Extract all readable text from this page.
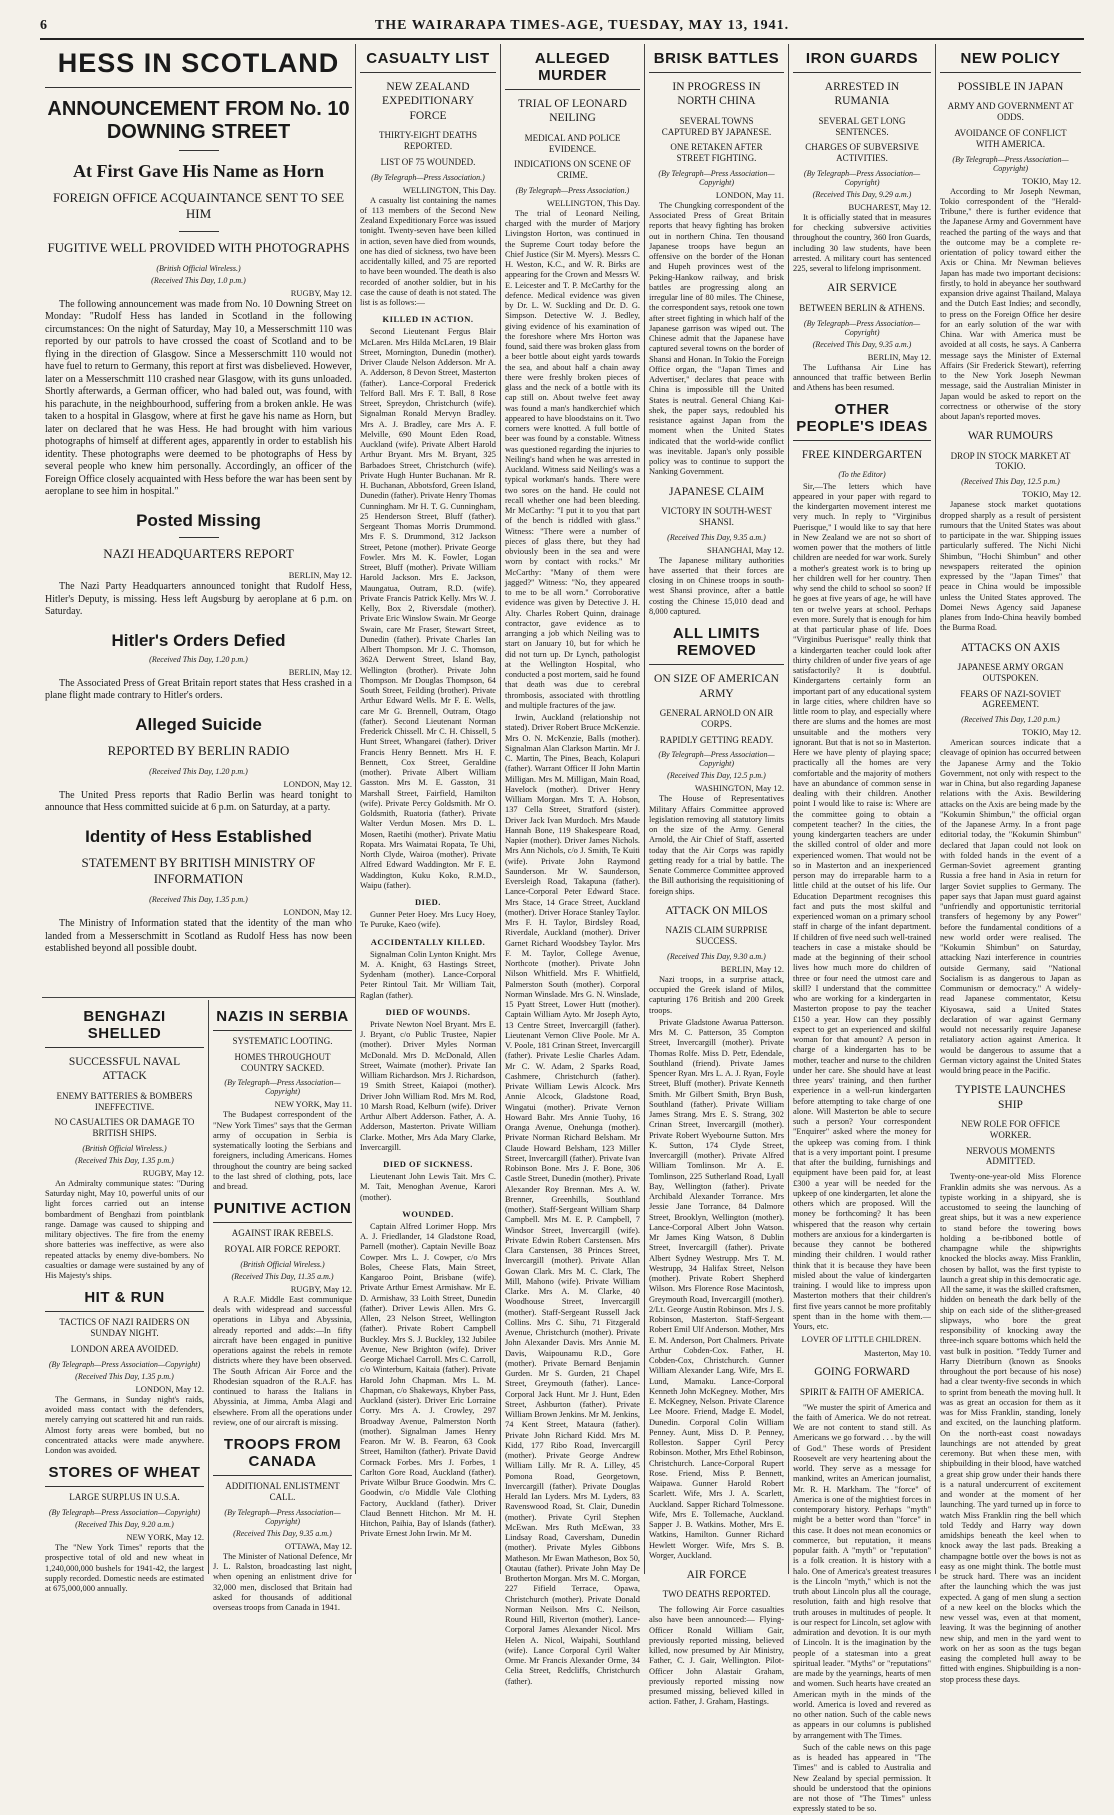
6	THE WAIRARAPA TIMES-AGE, TUESDAY, MAY 13, 1941.
HESS IN SCOTLAND
ANNOUNCEMENT FROM No. 10 DOWNING STREET
At First Gave His Name as Horn
FOREIGN OFFICE ACQUAINTANCE SENT TO SEE HIM
FUGITIVE WELL PROVIDED WITH PHOTOGRAPHS
(British Official Wireless.)
(Received This Day, 1.0 p.m.)
RUGBY, May 12.

The following announcement was made from No. 10 Downing Street on Monday: "Rudolf Hess has landed in Scotland in the following circumstances: On the night of Saturday, May 10, a Messerschmitt 110 was reported by our patrols to have crossed the coast of Scotland and to be flying in the direction of Glasgow. Since a Messerschmitt 110 would not have fuel to return to Germany, this report at first was disbelieved. However, later on a Messerschmitt 110 crashed near Glasgow, with its guns unloaded. Shortly afterwards, a German officer, who had baled out, was found, with his parachute, in the neighbourhood, suffering from a broken ankle. He was taken to a hospital in Glasgow, where at first he gave his name as Horn, but later on declared that he was Hess. He had brought with him various photographs of himself at different ages, apparently in order to establish his identity. These photographs were deemed to be photographs of Hess by several people who knew him personally. Accordingly, an officer of the Foreign Office closely acquainted with Hess before the war has been sent by aeroplane to see him in hospital."

Posted Missing
NAZI HEADQUARTERS REPORT
BERLIN, May 12.

The Nazi Party Headquarters announced tonight that Rudolf Hess, Hitler's Deputy, is missing. Hess left Augsburg by aeroplane at 6 p.m. on Saturday.

Hitler's Orders Defied
(Received This Day, 1.20 p.m.)
BERLIN, May 12.

The Associated Press of Great Britain report states that Hess crashed in a plane flight made contrary to Hitler's orders.

Alleged Suicide
REPORTED BY BERLIN RADIO
(Received This Day, 1.20 p.m.)
LONDON, May 12.

The United Press reports that Radio Berlin was heard tonight to announce that Hess committed suicide at 6 p.m. on Saturday, at a party.

Identity of Hess Established
STATEMENT BY BRITISH MINISTRY OF INFORMATION
(Received This Day, 1.35 p.m.)
LONDON, May 12.

The Ministry of Information stated that the identity of the man who landed from a Messerschmitt in Scotland as Rudolf Hess has now been established beyond all possible doubt.

BENGHAZI SHELLED
SUCCESSFUL NAVAL ATTACK
ENEMY BATTERIES & BOMBERS INEFFECTIVE.
NO CASUALTIES OR DAMAGE TO BRITISH SHIPS.
(British Official Wireless.)
(Received This Day, 1.35 p.m.)
RUGBY, May 12.

An Admiralty communique states: "During Saturday night, May 10, powerful units of our light forces carried out an intense bombardment of Benghazi from pointblank range. Damage was caused to shipping and military objectives. The fire from the enemy shore batteries was ineffective, as were also repeated attacks by enemy dive-bombers. No casualties or damage were sustained by any of His Majesty's ships.

HIT & RUN
TACTICS OF NAZI RAIDERS ON SUNDAY NIGHT.
LONDON AREA AVOIDED.
(By Telegraph—Press Association—Copyright)
(Received This Day, 1.35 p.m.)
LONDON, May 12.

The Germans, in Sunday night's raids, avoided mass contact with the defenders, merely carrying out scattered hit and run raids. Almost forty areas were bombed, but no concentrated attacks were made anywhere. London was avoided.

STORES OF WHEAT
LARGE SURPLUS IN U.S.A.
(By Telegraph—Press Association—Copyright)
(Received This Day, 9.20 a.m.)
NEW YORK, May 12.

The "New York Times" reports that the prospective total of old and new wheat in 1,240,000,000 bushels for 1941-42, the largest supply recorded. Domestic needs are estimated at 675,000,000 annually.

NAZIS IN SERBIA
SYSTEMATIC LOOTING.
HOMES THROUGHOUT COUNTRY SACKED.
(By Telegraph—Press Association—Copyright)
NEW YORK, May 11.

The Budapest correspondent of the "New York Times" says that the German army of occupation in Serbia is systematically looting the Serbians and foreigners, including Americans. Homes throughout the country are being sacked to the last shred of clothing, pots, lace and bread.

PUNITIVE ACTION
AGAINST IRAK REBELS.
ROYAL AIR FORCE REPORT.
(British Official Wireless.)
(Received This Day, 11.35 a.m.)
RUGBY, May 12.

A R.A.F. Middle East communique deals with widespread and successful operations in Libya and Abyssinia, already reported and adds:—In fifty aircraft have been engaged in punitive operations against the rebels in remote districts where they have been observed. The South African Air Force and the Rhodesian squadron of the R.A.F. has continued to harass the Italians in Abyssinia, at Jimma, Amba Alagi and elsewhere. From all the operations under review, one of our aircraft is missing.

TROOPS FROM CANADA
ADDITIONAL ENLISTMENT CALL.
(By Telegraph—Press Association—Copyright)
(Received This Day, 9.35 a.m.)
OTTAWA, May 12.

The Minister of National Defence, Mr J. L. Ralston, broadcasting last night, when opening an enlistment drive for 32,000 men, disclosed that Britain had asked for thousands of additional overseas troops from Canada in 1941.

CASUALTY LIST
NEW ZEALAND EXPEDITIONARY FORCE
THIRTY-EIGHT DEATHS REPORTED.
LIST OF 75 WOUNDED.
(By Telegraph—Press Association.)
WELLINGTON, This Day.

A casualty list containing the names of 113 members of the Second New Zealand Expeditionary Force was issued tonight. Twenty-seven have been killed in action, seven have died from wounds, one has died of sickness, two have been accidentally killed, and 75 are reported to have been wounded. The death is also recorded of another soldier, but in his case the cause of death is not stated. The list is as follows:—

KILLED IN ACTION.

Second Lieutenant Fergus Blair McLaren. Mrs Hilda McLaren, 19 Blair Street, Mornington, Dunedin (mother). Driver Claude Nelson Adderson. Mr A. A. Adderson, 8 Devon Street, Masterton (father). Lance-Corporal Frederick Telford Ball. Mrs F. T. Ball, 8 Rose Street, Spreydon, Christchurch (wife). Signalman Ronald Mervyn Bradley. Mrs A. J. Bradley, care Mrs A. F. Melville, 690 Mount Eden Road, Auckland (wife). Private Albert Harold Arthur Bryant. Mrs M. Bryant, 325 Barbadoes Street, Christchurch (wife). Private Hugh Hunter Buchanan. Mr R. H. Buchanan, Abbotsford, Green Island, Dunedin (father). Private Henry Thomas Cunningham. Mr H. T. G. Cunningham, 25 Henderson Street, Bluff (father). Sergeant Thomas Morris Drummond. Mrs F. S. Drummond, 312 Jackson Street, Petone (mother). Private George Fowler. Mrs M. K. Fowler, Logan Street, Bluff (mother). Private William Harold Jackson. Mrs E. Jackson, Maungatua, Outram, R.D. (wife). Private Francis Patrick Kelly. Mrs W. J. Kelly, Box 2, Riversdale (mother). Private Eric Winslow Swain. Mr George Swain, care Mr Fraser, Stewart Street, Dunedin (father). Private Charles Ian Albert Thompson. Mr J. C. Thomson, 362A Derwent Street, Island Bay, Wellington (brother). Private John Thompson. Mr Douglas Thompson, 64 South Street, Feilding (brother). Private Arthur Edward Wells. Mr F. E. Wells, care Mr G. Brennell, Outram, Otago (father). Second Lieutenant Norman Frederick Chissell. Mr C. H. Chissell, 5 Hunt Street, Whangarei (father). Driver Francis Henry Bennett. Mrs H. F. Bennett, Cox Street, Geraldine (mother). Private Albert William Gasston. Mrs M. E. Gasston, 31 Marshall Street, Fairfield, Hamilton (wife). Private Percy Goldsmith. Mr O. Goldsmith, Ruatoria (father). Private Walter Verdun Mosen. Mrs D. L. Mosen, Raetihi (mother). Private Matiu Ropata. Mrs Waimatai Ropata, Te Uhi, North Clyde, Wairoa (mother). Private Alfred Edward Waddington. Mr F. E. Waddington, Kuku Koko, R.M.D., Waipu (father).

DIED.

Gunner Peter Hoey. Mrs Lucy Hoey, Te Puruke, Kaeo (wife).

ACCIDENTALLY KILLED.

Signalman Colin Lynton Knight. Mrs M. A. Knight, 63 Hastings Street, Sydenham (mother). Lance-Corporal Peter Rintoul Tait. Mr William Tait, Raglan (father).

DIED OF WOUNDS.

Private Newton Noel Bryant. Mrs E. J. Bryant, c/o Public Trustee, Napier (mother). Driver Myles Norman McDonald. Mrs D. McDonald, Allen Street, Waimate (mother). Private Ian William Richardson. Mrs J. Richardson, 19 Smith Street, Kaiapoi (mother). Driver John William Rod. Mrs M. Rod, 10 Marsh Road, Kelburn (wife). Driver Arthur Albert Adderson. Father, A. A. Adderson, Masterton. Private William Clarke. Mother, Mrs Ada Mary Clarke, Invercargill.

DIED OF SICKNESS.

Lieutenant John Lewis Tait. Mrs C. M. Tait, Menoghan Avenue, Karori (mother).

WOUNDED.

Captain Alfred Lorimer Hopp. Mrs A. J. Friedlander, 14 Gladstone Road, Parnell (mother). Captain Neville Boaz Cowper. Mrs L. J. Cowper, c/o Mrs Boles, Cheese Flats, Main Street, Kangaroo Point, Brisbane (wife). Private Arthur Ernest Armishaw. Mr E. D. Armishaw, 33 Loith Street, Dunedin (father). Driver Lewis Allen. Mrs G. Allen, 23 Nelson Street, Wellington (father). Private Robert Campbell Buckley. Mrs S. J. Buckley, 132 Jubilee Avenue, New Brighton (wife). Driver George Michael Carroll. Mrs C. Carroll, c/o Winterburn, Kaitaia (father). Private Harold John Chapman. Mrs L. M. Chapman, c/o Shakeways, Khyber Pass, Auckland (sister). Driver Eric Lorraine Corry. Mrs A. J. Crowley, 297 Broadway Avenue, Palmerston North (mother). Signalman James Henry Fearon. Mr W. B. Fearon, 63 Cook Street, Hamilton (father). Private David Cormack Forbes. Mrs J. Forbes, 1 Carlton Gore Road, Auckland (father). Private Wilbur Bruce Goodwin. Mrs C. Goodwin, c/o Middle Vale Clothing Factory, Auckland (father). Driver Claud Bennett Hitchon. Mr M. H. Hitchon, Paihia, Bay of Islands (father). Private Ernest John Irwin. Mr M.

ALLEGED MURDER
TRIAL OF LEONARD NEILING
MEDICAL AND POLICE EVIDENCE.
INDICATIONS ON SCENE OF CRIME.
(By Telegraph—Press Association.)
WELLINGTON, This Day.

The trial of Leonard Neiling, charged with the murder of Marjory Livingston Horton, was continued in the Supreme Court today before the Chief Justice (Sir M. Myers). Messrs C. H. Weston, K.C., and W. R. Birks are appearing for the Crown and Messrs W. E. Leicester and T. P. McCarthy for the defence. Medical evidence was given by Dr. L. W. Suckling and Dr. D. G. Simpson. Detective W. J. Bedley, giving evidence of his examination of the foreshore where Mrs Horton was found, said there was broken glass from a beer bottle about eight yards towards the sea, and about half a chain away there were freshly broken pieces of glass and the neck of a bottle with its cap still on. About twelve feet away was found a man's handkerchief which appeared to have bloodstains on it. Two corners were knotted. A full bottle of beer was found by a constable. Witness was questioned regarding the injuries to Neiling's hand when he was arrested in Auckland. Witness said Neiling's was a typical workman's hands. There were two sores on the hand. He could not recall whether one had been bleeding. Mr McCarthy: "I put it to you that part of the bench is riddled with glass." Witness: "There were a number of pieces of glass there, but they had obviously been in the sea and were worn by contact with rocks." Mr McCarthy: "Many of them were jagged?" Witness: "No, they appeared to me to be all worn." Corroborative evidence was given by Detective J. H. Alty. Charles Robert Quinn, drainage contractor, gave evidence as to arranging a job which Neiling was to start on January 10, but for which he did not turn up. Dr Lynch, pathologist at the Wellington Hospital, who conducted a post mortem, said he found that death was due to cerebral thrombosis, associated with throttling and multiple fractures of the jaw.

Irwin, Auckland (relationship not stated). Driver Robert Bruce McKenzie. Mrs O. N. McKenzie, Balls (mother). Signalman Alan Clarkson Martin. Mr J. C. Martin, The Pines, Beach, Kolapuri (father). Warrant Officer II John Martin Milligan. Mrs M. Milligan, Main Road, Havelock (mother). Driver Henry William Morgan. Mrs T. A. Hobson, 137 Cella Street, Stratford (sister). Driver Jack Ivan Murdoch. Mrs Maude Hannah Bone, 119 Shakespeare Road, Napier (mother). Driver James Nichols. Mrs Ann Nichols, c/o J. Smith, Te Kuiti (wife). Private John Raymond Saunderson. Mr W. Saunderson, Eversleigh Road, Takapuna (father). Lance-Corporal Peter Edward Stace. Mrs Stace, 14 Grace Street, Auckland (mother). Driver Horace Stanley Taylor. Mrs F. H. Taylor, Birdsley Road, Riverdale, Auckland (mother). Driver Garnet Richard Woodsbey Taylor. Mrs F. M. Taylor, College Avenue, Northcote (mother). Private John Nilson Whitfield. Mrs F. Whitfield, Palmerston South (mother). Corporal Norman Winslade. Mrs G. N. Winslade, 15 Pyatt Street, Lower Hutt (mother). Captain William Ayto. Mr Joseph Ayto, 13 Centre Street, Invercargill (father). Lieutenant Vernon Clive Poole. Mr A. V. Poole, 181 Crinan Street, Invercargill (father). Private Leslie Charles Adam. Mr C. W. Adam, 2 Sparks Road, Cashmere, Christchurch (father). Private William Lewis Alcock. Mrs Annie Alcock, Gladstone Road, Wingatui (mother). Private Vernon Howard Bahr. Mrs Annie Tuohy, 16 Oranga Avenue, Onehunga (mother). Private Norman Richard Belsham. Mr Claude Howard Belsham, 123 Miller Street, Invercargill (father). Private Ivan Robinson Bone. Mrs J. F. Bone, 306 Castle Street, Dunedin (mother). Private Alexander Roy Brennan. Mrs A. W. Brenner, Greenhills, Southland (mother). Staff-Sergeant William Sharp Campbell. Mrs M. E. P. Campbell, 7 Windsor Street, Invercargill (wife). Private Edwin Robert Carstensen. Mrs Clara Carstensen, 38 Princes Street, Invercargill (mother). Private Allan Gowan Clark. Mrs M. C. Clark, The Mill, Mahono (wife). Private William Clarke. Mrs A. M. Clarke, 40 Woodhouse Street, Invercargill (mother). Staff-Sergeant Russell Jack Collins. Mrs C. Sihu, 71 Fitzgerald Avenue, Christchurch (mother). Private John Alexander Davis. Mrs Annie M. Davis, Waipounamu R.D., Gore (mother). Private Bernard Benjamin Gurden. Mr S. Gurden, 21 Chapel Street, Greymouth (father). Lance-Corporal Jack Hunt. Mr J. Hunt, Eden Street, Ashburton (father). Private William Brown Jenkins. Mr M. Jenkins, 74 Kent Street, Mataura (father). Private John Richard Kidd. Mrs M. Kidd, 177 Ribo Road, Invercargill (mother). Private George Andrew William Lilly. Mr R. A. Lilley, 45 Pomona Road, Georgetown, Invercargill (father). Private Douglas Herald Ian Lyders. Mrs M. Lyders, 83 Ravenswood Road, St. Clair, Dunedin (mother). Private Cyril Stephen McEwan. Mrs Ruth McEwan, 33 Lindsay Road, Caversham, Dunedin (mother). Private Myles Gibbons Matheson. Mr Ewan Matheson, Box 50, Otautau (father). Private John May De Brotherton Morgan. Mrs M. C. Morgan, 227 Fifield Terrace, Opawa, Christchurch (mother). Private Donald Norman Neilson. Mrs C. Neilson, Round Hill, Riverton (mother). Lance-Corporal James Alexander Nicol. Mrs Helen A. Nicol, Waipahi, Southland (wife). Lance Corporal Cyril Walter Orme. Mr Francis Alexander Orme, 34 Celia Street, Redcliffs, Christchurch (father).

BRISK BATTLES
IN PROGRESS IN NORTH CHINA
SEVERAL TOWNS CAPTURED BY JAPANESE.
ONE RETAKEN AFTER STREET FIGHTING.
(By Telegraph—Press Association—Copyright)
LONDON, May 11.

The Chungking correspondent of the Associated Press of Great Britain reports that heavy fighting has broken out in northern China. Ten thousand Japanese troops have begun an offensive on the border of the Honan and Hupeh provinces west of the Peking-Hankow railway, and brisk battles are progressing along an irregular line of 80 miles. The Chinese, the correspondent says, retook one town after street fighting in which half of the Japanese garrison was wiped out. The Chinese admit that the Japanese have captured several towns on the border of Shansi and Honan. In Tokio the Foreign Office organ, the "Japan Times and Advertiser," declares that peace with China is impossible till the United States is neutral. General Chiang Kai-shek, the paper says, redoubled his resistance against Japan from the moment when the United States indicated that the world-wide conflict was inevitable. Japan's only possible policy was to continue to support the Nanking Government.

JAPANESE CLAIM
VICTORY IN SOUTH-WEST SHANSI.
(Received This Day, 9.35 a.m.)
SHANGHAI, May 12.

The Japanese military authorities have asserted that their forces are closing in on Chinese troops in south-west Shansi province, after a battle costing the Chinese 15,010 dead and 8,000 captured.

ALL LIMITS REMOVED
ON SIZE OF AMERICAN ARMY
GENERAL ARNOLD ON AIR CORPS.
RAPIDLY GETTING READY.
(By Telegraph—Press Association—Copyright)
(Received This Day, 12.5 p.m.)
WASHINGTON, May 12.

The House of Representatives Military Affairs Committee approved legislation removing all statutory limits on the size of the Army. General Arnold, the Air Chief of Staff, asserted today that the Air Corps was rapidly getting ready for a trial by battle. The Senate Commerce Committee approved the Bill authorising the requisitioning of foreign ships.

ATTACK ON MILOS
NAZIS CLAIM SURPRISE SUCCESS.
(Received This Day, 9.30 a.m.)
BERLIN, May 12.

Nazi troops, in a surprise attack, occupied the Greek island of Milos, capturing 176 British and 200 Greek troops.

Private Gladstone Awarua Patterson. Mrs M. C. Patterson, 35 Compton Street, Invercargill (mother). Private Thomas Rolfe. Miss D. Petr, Edendale, Southland (friend). Private James Spencer Ryan. Mrs L. A. J. Ryan, Foyle Street, Bluff (mother). Private Kenneth Smith. Mr Gilbert Smith, Bryn Bush, Southland (father). Private William James Strang. Mrs E. S. Strang, 302 Crinan Street, Invercargill (mother). Private Robert Wyebourne Sutton. Mrs K. Sutton, 174 Clyde Street, Invercargill (mother). Private Alfred William Tomlinson. Mr A. E. Tomlinson, 225 Sutherland Road, Lyall Bay, Wellington (father). Private Archibald Alexander Torrance. Mrs Jessie Jane Torrance, 84 Dalmore Street, Brooklyn, Wellington (mother). Lance-Corporal Albert John Watson. Mr James King Watson, 8 Dublin Street, Invercargill (father). Private Albert Sydney Westrupp. Mrs T. M. Westrupp, 34 Halifax Street, Nelson (mother). Private Robert Shepherd Wilson. Mrs Florence Rose Macintosh, Greymouth Road, Invercargill (mother). 2/Lt. George Austin Robinson. Mrs J. S. Robinson, Masterton. Staff-Sergeant Robert Emil Ulf Anderson. Mother, Mrs E. M. Anderson, Port Chalmers. Private Arthur Cobden-Cox. Father, H. Cobden-Cox, Christchurch. Gunner William Alexander Lang. Wife, Mrs E. Lund, Mamaku. Lance-Corporal Kenneth John McKegney. Mother, Mrs E. McKegney, Nelson. Private Clarence Lee Moore. Friend, Madge E. Model, Dunedin. Corporal Colin William Penney. Aunt, Miss D. P. Penney, Rolleston. Sapper Cyril Percy Robinson. Mother, Mrs Ethel Robinson, Christchurch. Lance-Corporal Rupert Rose. Friend, Miss P. Bennett, Waipawa. Gunner Harold Robert Scarlett. Wife, Mrs J. A. Scarlett, Auckland. Sapper Richard Tolmessone. Wife, Mrs E. Tollemache, Auckland. Sapper J. B. Watkins. Mother, Mrs E. Watkins, Hamilton. Gunner Richard Hewlett Worger. Wife, Mrs S. B. Worger, Auckland.

AIR FORCE
TWO DEATHS REPORTED.

The following Air Force casualties also have been announced:— Flying-Officer Ronald William Gair, previously reported missing, believed killed, now presumed by Air Ministry, Father, C. J. Gair, Wellington. Pilot-Officer John Alastair Graham, previously reported missing now presumed missing, believed killed in action. Father, J. Graham, Hastings.

IRON GUARDS
ARRESTED IN RUMANIA
SEVERAL GET LONG SENTENCES.
CHARGES OF SUBVERSIVE ACTIVITIES.
(By Telegraph—Press Association—Copyright)
(Received This Day, 9.29 a.m.)
BUCHAREST, May 12.

It is officially stated that in measures for checking subversive activities throughout the country, 360 Iron Guards, including 30 law students, have been arrested. A military court has sentenced 225, several to lifelong imprisonment.

AIR SERVICE
BETWEEN BERLIN & ATHENS.
(By Telegraph—Press Association—Copyright)
(Received This Day, 9.35 a.m.)
BERLIN, May 12.

The Lufthansa Air Line has announced that traffic between Berlin and Athens has been resumed.

OTHER PEOPLE'S IDEAS
FREE KINDERGARTEN
(To the Editor)

Sir,—The letters which have appeared in your paper with regard to the kindergarten movement interest me very much. In reply to "Virginibus Puerisque," I would like to say that here in New Zealand we are not so short of women power that the mothers of little children are needed for war work. Surely a mother's greatest work is to bring up her children well for her country. Then why send the child to school so soon? If he goes at five years of age, he will have ten or twelve years at school. Perhaps even more. Surely that is enough for him at that particular phase of life. Does "Virginibus Puerisque" really think that a kindergarten teacher could look after thirty children of under five years of age satisfactorily? It is doubtful. Kindergartens certainly form an important part of any educational system in large cities, where children have so little room to play, and especially where there are slums and the homes are most unsuitable and the mothers very ignorant. But that is not so in Masterton. Here we have plenty of playing space; practically all the homes are very comfortable and the majority of mothers have an abundance of common sense in dealing with their children. Another point I would like to raise is: Where are the committee going to obtain a competent teacher? In the cities, the young kindergarten teachers are under the skilled control of older and more experienced women. That would not be so in Masterton and an inexperienced person may do irreparable harm to a little child at the outset of his life. Our Education Department recognises this fact and puts the most skilful and experienced woman on a primary school staff in charge of the infant department. If children of five need such well-trained teachers in case a mistake should be made at the beginning of their school lives how much more do children of three or four need the utmost care and skill? I understand that the committee who are working for a kindergarten in Masterton propose to pay the teacher £150 a year. How can they possibly expect to get an experienced and skilful woman for that amount? A person in charge of a kindergarten has to be mother, teacher and nurse to the children under her care. She should have at least three years' training, and then further experience in a well-run kindergarten before attempting to take charge of one alone. Will Masterton be able to secure such a person? Your correspondent "Enquirer" asked where the money for the upkeep was coming from. I think that is a very important point. I presume that after the building, furnishings and equipment have been paid for, at least £300 a year will be needed for the upkeep of one kindergarten, let alone the others which are proposed. Will the money be forthcoming? It has been whispered that the reason why certain mothers are anxious for a kindergarten is because they cannot be bothered minding their children. I would rather think that it is because they have been misled about the value of kindergarten training. I would like to impress upon Masterton mothers that their children's first five years cannot be more profitably spent than in the home with them.—Yours, etc.

LOVER OF LITTLE CHILDREN.
Masterton, May 10.
GOING FORWARD
SPIRIT & FAITH OF AMERICA.

"We muster the spirit of America and the faith of America. We do not retreat. We are not content to stand still. As Americans we go forward . . . by the will of God." These words of President Roosevelt are very heartening about the world. They serve as a message for mankind, writes an American journalist, Mr. R. H. Markham. The "force" of America is one of the mightiest forces in contemporary history. Perhaps "myth" might be a better word than "force" in this case. It does not mean economics or commerce, but reputation, it means popular faith. A "myth" or "reputation" is a folk creation. It is history with a halo. One of America's greatest treasures is the Lincoln "myth," which is not the truth about Lincoln plus all the courage, resolution, faith and high resolve that truth arouses in multitudes of people. It is our respect for Lincoln, set aglow with admiration and devotion. It is our myth of Lincoln. It is the imagination by the people of a statesman into a great spiritual leader. "Myths" or "reputations" are made by the yearnings, hearts of men and women. Such hearts have created an American myth in the minds of the world. America is loved and revered as no other nation. Such of the cable news as appears in our columns is published by arrangement with The Times.

Such of the cable news on this page as is headed has appeared in "The Times" and is cabled to Australia and New Zealand by special permission. It should be understood that the opinions are not those of "The Times" unless expressly stated to be so.

NEW POLICY
POSSIBLE IN JAPAN
ARMY AND GOVERNMENT AT ODDS.
AVOIDANCE OF CONFLICT WITH AMERICA.
(By Telegraph—Press Association—Copyright)
TOKIO, May 12.

According to Mr Joseph Newman, Tokio correspondent of the "Herald-Tribune," there is further evidence that the Japanese Army and Government have reached the parting of the ways and that the outcome may be a complete re-orientation of policy toward either the Axis or China. Mr Newman believes Japan has made two important decisions: firstly, to hold in abeyance her southward expansion drive against Thailand, Malaya and the Dutch East Indies; and secondly, to press on the Foreign Office her desire for an early solution of the war with China. War with America must be avoided at all costs, he says. A Canberra message says the Minister of External Affairs (Sir Frederick Stewart), referring to the New York Joseph Newman message, said the Australian Minister in Japan would be asked to report on the correctness or otherwise of the story about Japan's reported moves.

WAR RUMOURS
DROP IN STOCK MARKET AT TOKIO.
(Received This Day, 12.5 p.m.)
TOKIO, May 12.

Japanese stock market quotations dropped sharply as a result of persistent rumours that the United States was about to participate in the war. Shipping issues particularly suffered. The Nichi Nichi Shimbun, "Hochi Shimbun" and other newspapers reiterated the opinion expressed by the "Japan Times" that peace in China would be impossible unless the United States approved. The Domei News Agency said Japanese planes from Indo-China heavily bombed the Burma Road.

ATTACKS ON AXIS
JAPANESE ARMY ORGAN OUTSPOKEN.
FEARS OF NAZI-SOVIET AGREEMENT.
(Received This Day, 1.20 p.m.)
TOKIO, May 12.

American sources indicate that a cleavage of opinion has occurred between the Japanese Army and the Tokio Government, not only with respect to the war in China, but also regarding Japanese relations with the Axis. Bewildering attacks on the Axis are being made by the "Kokumin Shimbun," the official organ of the Japanese Army. In a front page editorial today, the "Kokumin Shimbun" declared that Japan could not look on with folded hands in the event of a German-Soviet agreement granting Russia a free hand in Asia in return for larger Soviet supplies to Germany. The paper says that Japan must guard against "unfriendly and opportunistic territorial transfers of hegemony by any Power" before the fundamental conditions of a new world order were realised. The "Kokumin Shimbun" on Saturday, attacking Nazi interference in countries outside Germany, said "National Socialism is as dangerous to Japan as Communism or democracy." A widely-read Japanese commentator, Ketsu Kiyosawa, said a United States declaration of war against Germany would not necessarily require Japanese retaliatory action against America. It would be dangerous to assume that a German victory against the United States would bring peace in the Pacific.

TYPISTE LAUNCHES SHIP
NEW ROLE FOR OFFICE WORKER.
NERVOUS MOMENTS ADMITTED.

Twenty-one-year-old Miss Florence Franklin admits she was nervous. As a typiste working in a shipyard, she is accustomed to seeing the launching of great ships, but it was a new experience to stand before the towering bows holding a be-ribboned bottle of champagne while the shipwrights knocked the blocks away. Miss Franklin, chosen by ballot, was the first typiste to launch a great ship in this democratic age. All the same, it was the skilled craftsmen, hidden on beneath the dark belly of the ship on each side of the slither-greased slipways, who bore the great responsibility of knocking away the three-inch square bottoms which held the vast bulk in position. "Teddy Turner and Harry Dietriburn (known as Snooks throughout the port because of his nose) had a clear twenty-five seconds in which to sprint from beneath the moving hull. It was as great an occasion for them as it was for Miss Franklin, standing, lonely and excited, on the launching platform. On the north-east coast nowadays launchings are not attended by great ceremony. But when these men, with shipbuilding in their blood, have watched a great ship grow under their hands there is a natural undercurrent of excitement and wonder at the moment of her launching. The yard turned up in force to watch Miss Franklin ring the bell which told Teddy and Harry way down amidships beneath the keel when to knock away the last pads. Breaking a champagne bottle over the bows is not as easy as one might think. The bottle must be struck hard. There was an incident after the launching which the was just expected. A gang of men slung a section of a new keel on the blocks which the new vessel was, even at that moment, leaving. It was the beginning of another new ship, and men in the yard went to work on her as soon as the tugs began easing the completed hull away to be fitted with engines. Shipbuilding is a non-stop process these days.
